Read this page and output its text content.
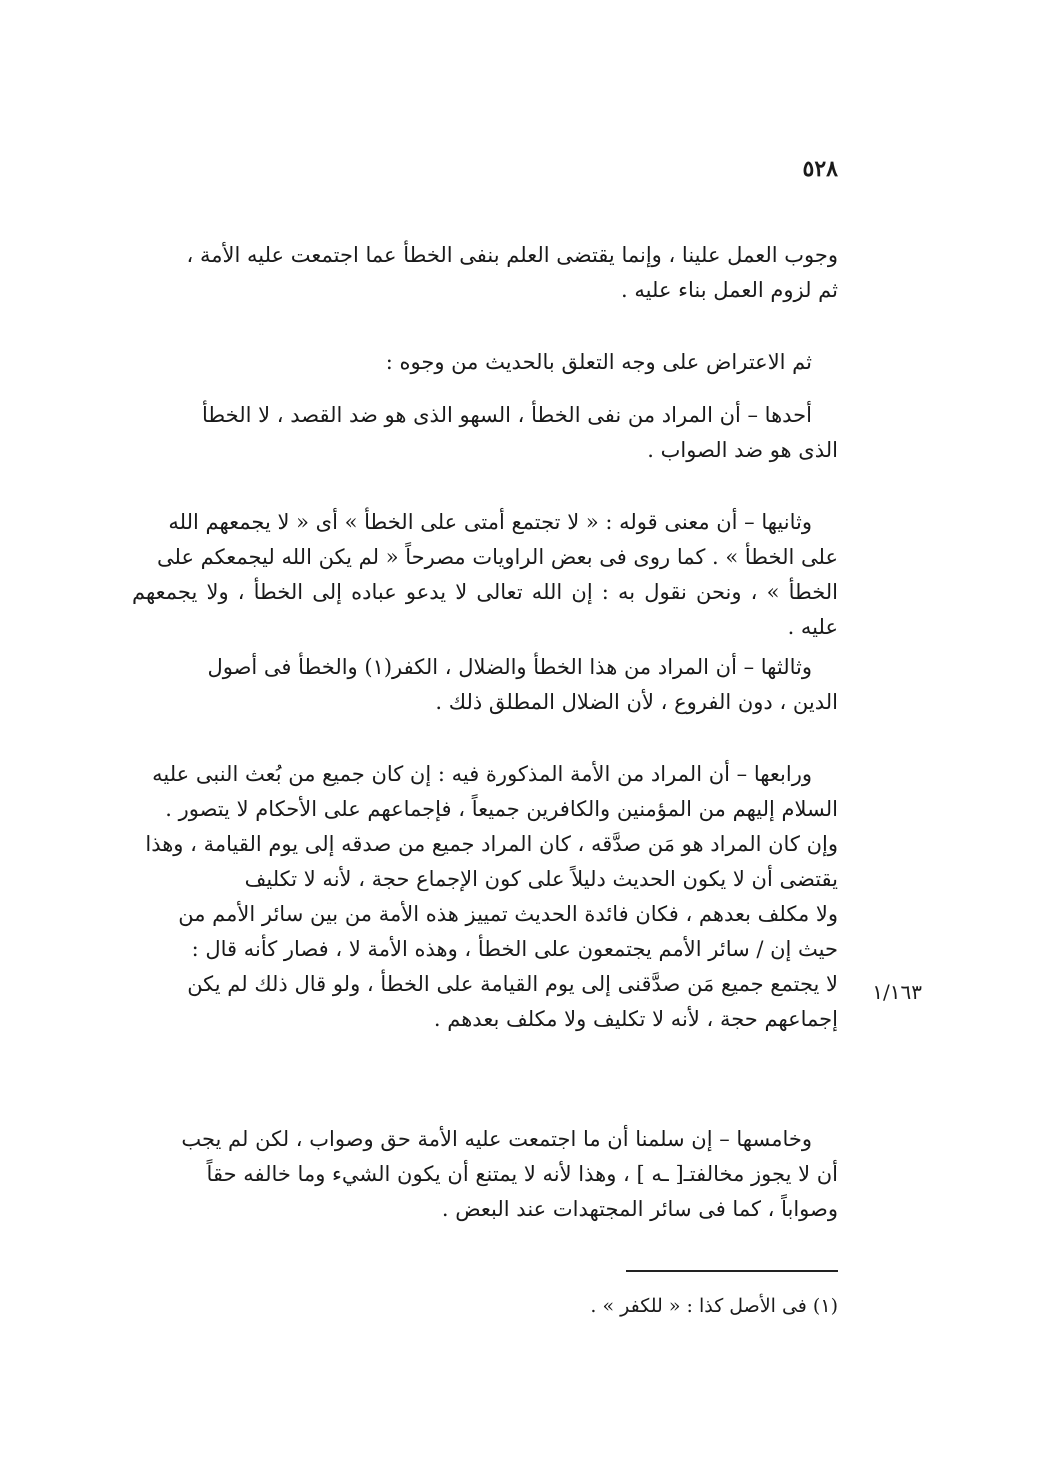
٥٢٨
وجوب العمل علينا ، وإنما يقتضى العلم بنفى الخطأ عما اجتمعت عليه الأمة ،
ثم لزوم العمل بناء عليه .
ثم الاعتراض على وجه التعلق بالحديث من وجوه :
أحدها – أن المراد من نفى الخطأ ، السهو الذى هو ضد القصد ، لا الخطأ
الذى هو ضد الصواب .
وثانيها – أن معنى قوله : « لا تجتمع أمتى على الخطأ » أى « لا يجمعهم الله
على الخطأ » . كما روى فى بعض الراويات مصرحاً « لم يكن الله ليجمعكم على
الخطأ » ، ونحن نقول به : إن الله تعالى لا يدعو عباده إلى الخطأ ، ولا يجمعهم عليه .
وثالثها – أن المراد من هذا الخطأ والضلال ، الكفر(١) والخطأ فى أصول
الدين ، دون الفروع ، لأن الضلال المطلق ذلك .
ورابعها – أن المراد من الأمة المذكورة فيه : إن كان جميع من بُعث النبى عليه
السلام إليهم من المؤمنين والكافرين جميعاً ، فإجماعهم على الأحكام لا يتصور .
وإن كان المراد هو مَن صدَّقه ، كان المراد جميع من صدقه إلى يوم القيامة ، وهذا
يقتضى أن لا يكون الحديث دليلاً على كون الإجماع حجة ، لأنه لا تكليف
ولا مكلف بعدهم ، فكان فائدة الحديث تمييز هذه الأمة من بين سائر الأمم من
حيث إن / سائر الأمم يجتمعون على الخطأ ، وهذه الأمة لا ، فصار كأنه قال :
لا يجتمع جميع مَن صدَّقنى إلى يوم القيامة على الخطأ ، ولو قال ذلك لم يكن
إجماعهم حجة ، لأنه لا تكليف ولا مكلف بعدهم .
١/١٦٣
وخامسها – إن سلمنا أن ما اجتمعت عليه الأمة حق وصواب ، لكن لم يجب
أن لا يجوز مخالفتـ[ ـه ] ، وهذا لأنه لا يمتنع أن يكون الشيء وما خالفه حقاً
وصواباً ، كما فى سائر المجتهدات عند البعض .
(١) فى الأصل كذا : « للكفر » .
